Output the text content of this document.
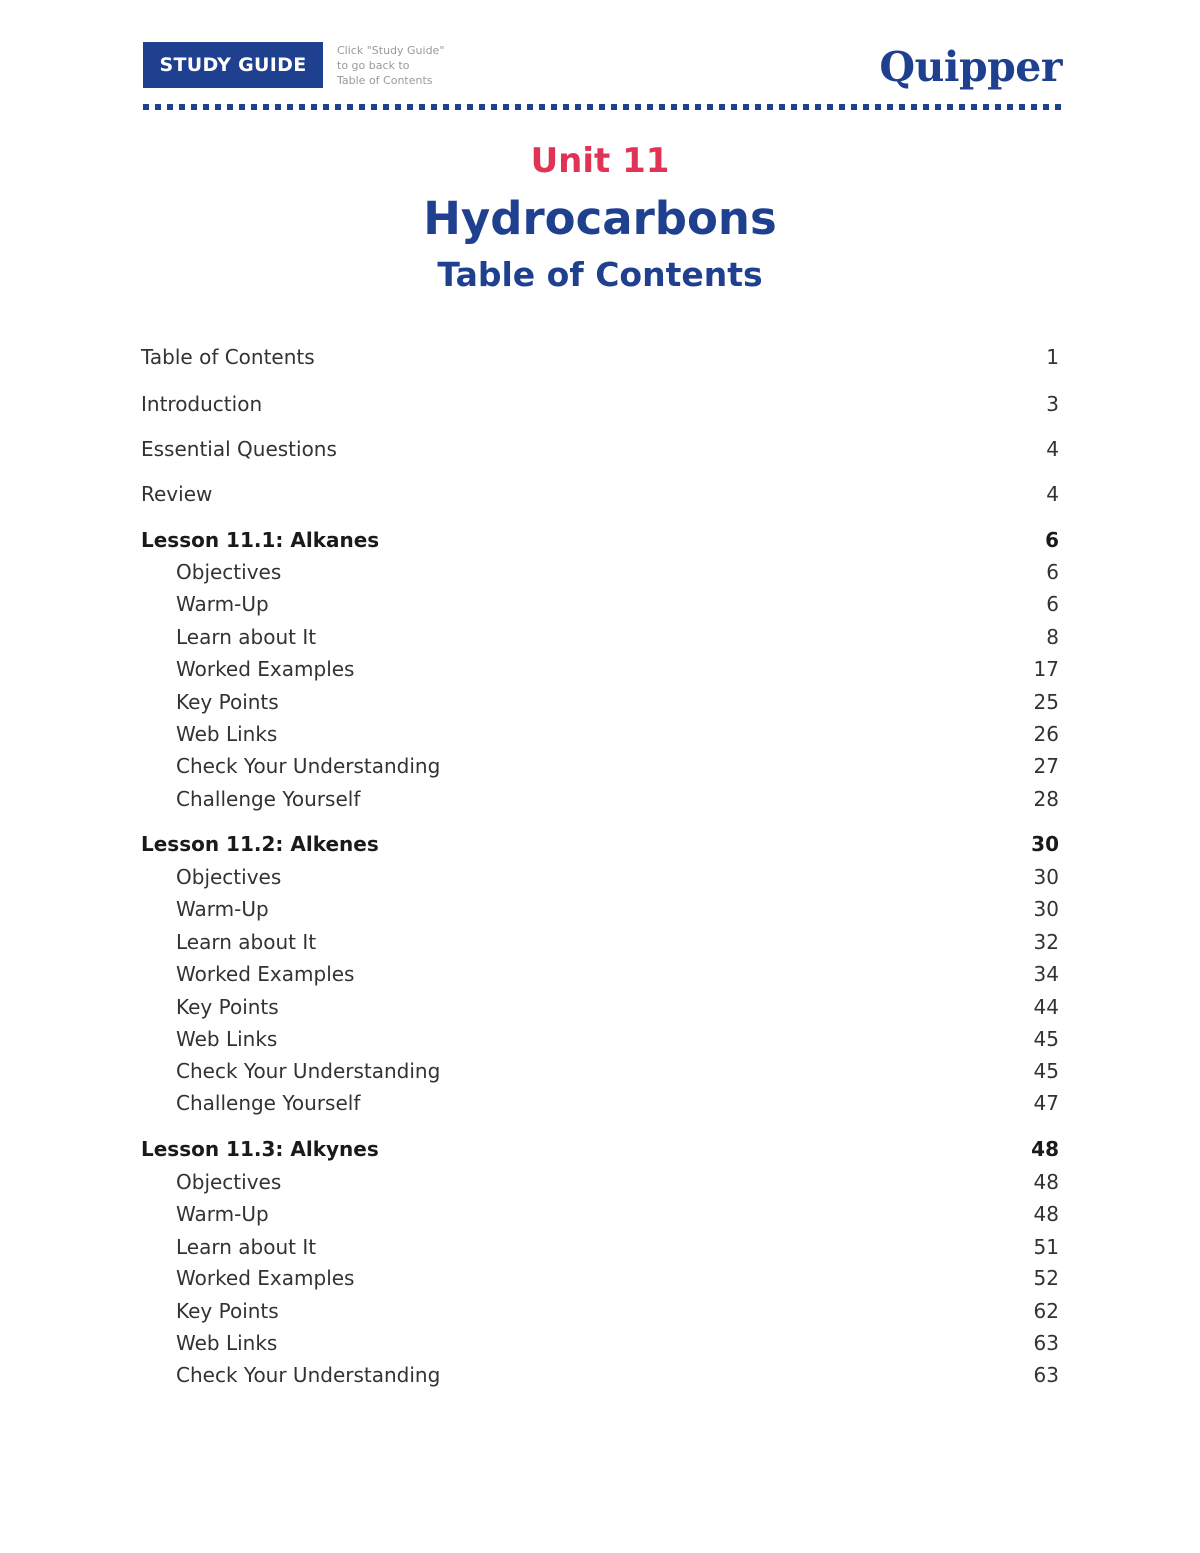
STUDY GUIDE
Click "Study Guide"
to go back to
Table of Contents	Quipper
Unit 11
Hydrocarbons
Table of Contents
Table of Contents	1
Introduction	3
Essential Questions	4
Review	4
Lesson 11.1: Alkanes	6
Objectives	6
Warm-Up	6
Learn about It	8
Worked Examples	17
Key Points	25
Web Links	26
Check Your Understanding	27
Challenge Yourself	28
Lesson 11.2: Alkenes	30
Objectives	30
Warm-Up	30
Learn about It	32
Worked Examples	34
Key Points	44
Web Links	45
Check Your Understanding	45
Challenge Yourself	47
Lesson 11.3: Alkynes	48
Objectives	48
Warm-Up	48
Learn about It	51
Worked Examples	52
Key Points	62
Web Links	63
Check Your Understanding	63
